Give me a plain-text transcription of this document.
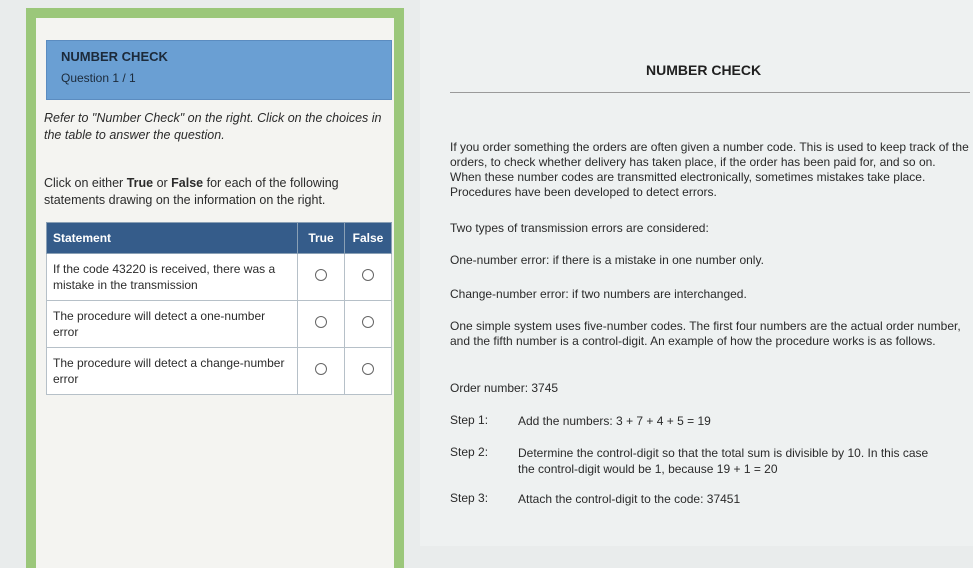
NUMBER CHECK
Question 1 / 1
Refer to "Number Check" on the right. Click on the choices in the table to answer the question.
Click on either True or False for each of the following statements drawing on the information on the right.
Statement	True	False
If the code 43220 is received, there was a mistake in the transmission		
The procedure will detect a one-number error		
The procedure will detect a change-number error		
NUMBER CHECK
If you order something the orders are often given a number code. This is used to keep track of the orders, to check whether delivery has taken place, if the order has been paid for, and so on. When these number codes are transmitted electronically, sometimes mistakes take place. Procedures have been developed to detect errors.
Two types of transmission errors are considered:
One-number error: if there is a mistake in one number only.
Change-number error: if two numbers are interchanged.
One simple system uses five-number codes. The first four numbers are the actual order number, and the fifth number is a control-digit. An example of how the procedure works is as follows.
Order number: 3745
Step 1: Add the numbers: 3 + 7 + 4 + 5 = 19
Step 2: Determine the control-digit so that the total sum is divisible by 10. In this case the control-digit would be 1, because 19 + 1 = 20
Step 3: Attach the control-digit to the code: 37451
